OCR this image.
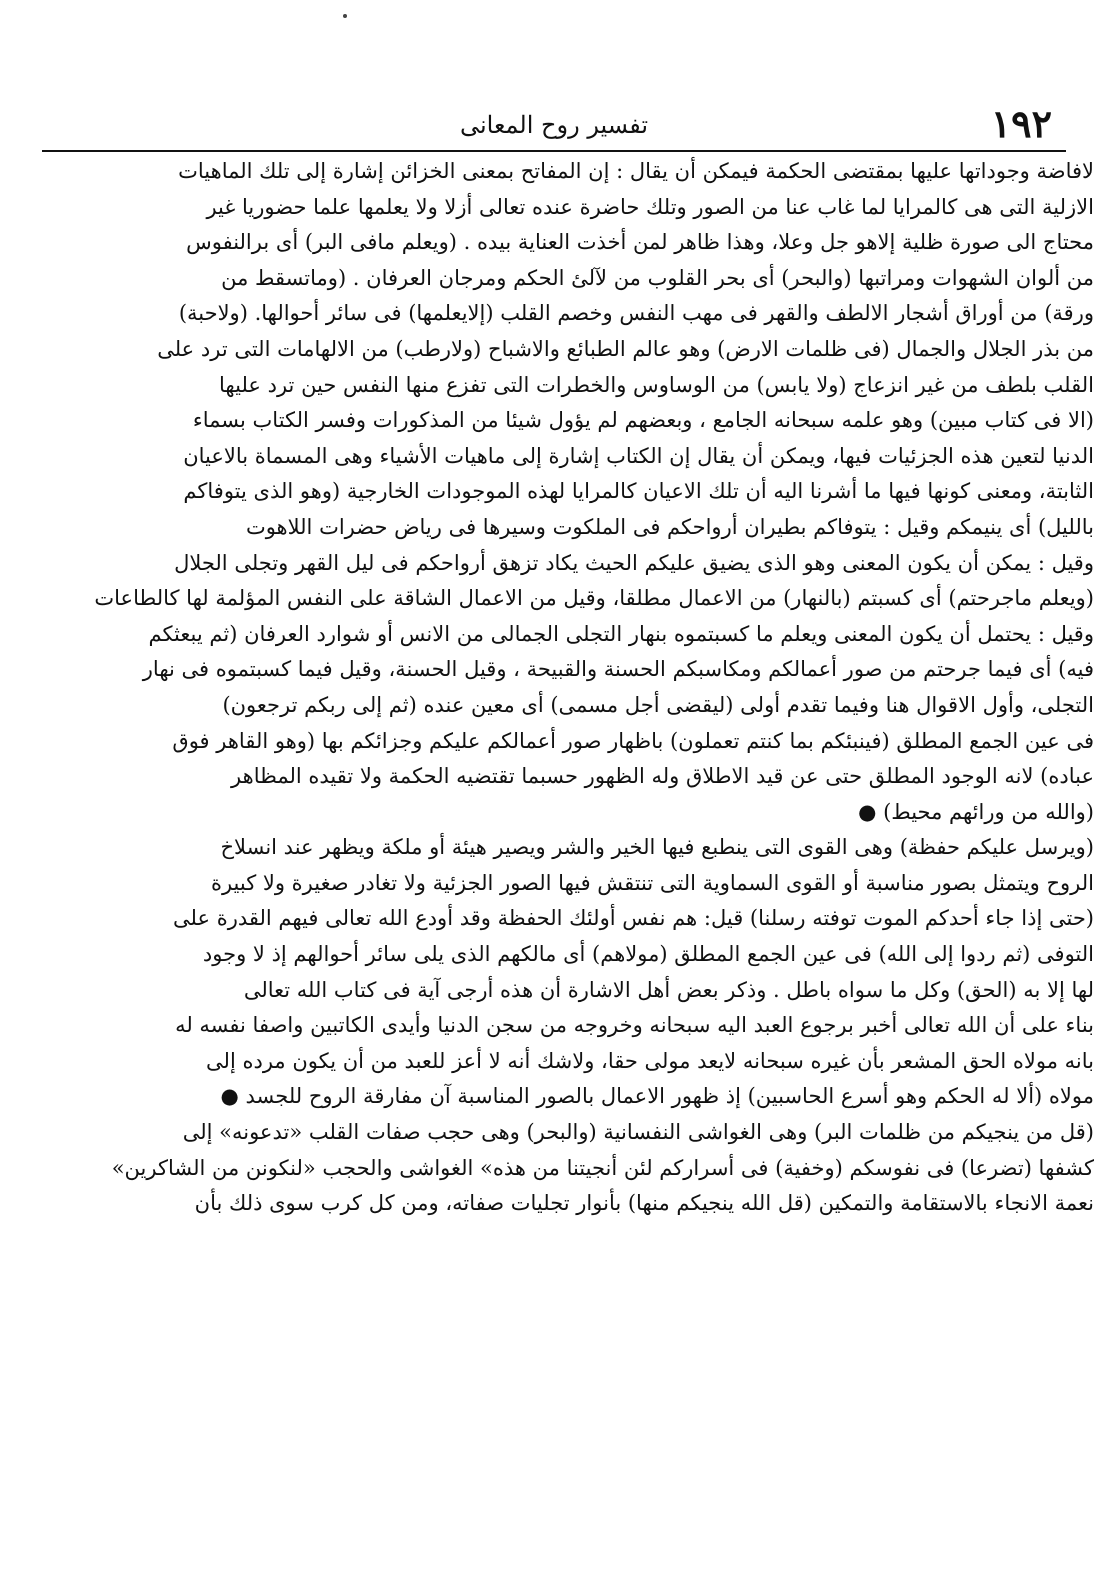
١٩٢
تفسير روح المعانى
لافاضة وجوداتها عليها بمقتضى الحكمة فيمكن أن يقال : إن المفاتح بمعنى الخزائن إشارة إلى تلك الماهيات
الازلية التى هى كالمرايا لما غاب عنا من الصور وتلك حاضرة عنده تعالى أزلا ولا يعلمها علما حضوريا غير
محتاج الى صورة ظلية إلاهو جل وعلا، وهذا ظاهر لمن أخذت العناية بيده . (ويعلم مافى البر) أى برالنفوس
من ألوان الشهوات ومراتبها (والبحر) أى بحر القلوب من لآلئ الحكم ومرجان العرفان . (وماتسقط من
ورقة) من أوراق أشجار الالطف والقهر فى مهب النفس وخصم القلب (إلايعلمها) فى سائر أحوالها. (ولاحبة)
من بذر الجلال والجمال (فى ظلمات الارض) وهو عالم الطبائع والاشباح (ولارطب) من الالهامات التى ترد على
القلب بلطف من غير انزعاج (ولا يابس) من الوساوس والخطرات التى تفزع منها النفس حين ترد عليها
(الا فى كتاب مبين) وهو علمه سبحانه الجامع ، وبعضهم لم يؤول شيئا من المذكورات وفسر الكتاب بسماء
الدنيا لتعين هذه الجزئيات فيها، ويمكن أن يقال إن الكتاب إشارة إلى ماهيات الأشياء وهى المسماة بالاعيان
الثابتة، ومعنى كونها فيها ما أشرنا اليه أن تلك الاعيان كالمرايا لهذه الموجودات الخارجية (وهو الذى يتوفاكم
بالليل) أى ينيمكم وقيل : يتوفاكم بطيران أرواحكم فى الملكوت وسيرها فى رياض حضرات اللاهوت
وقيل : يمكن أن يكون المعنى وهو الذى يضيق عليكم الحيث يكاد تزهق أرواحكم فى ليل القهر وتجلى الجلال
(ويعلم ماجرحتم) أى كسبتم (بالنهار) من الاعمال مطلقا، وقيل من الاعمال الشاقة على النفس المؤلمة لها كالطاعات
وقيل : يحتمل أن يكون المعنى ويعلم ما كسبتموه بنهار التجلى الجمالى من الانس أو شوارد العرفان (ثم يبعثكم
فيه) أى فيما جرحتم من صور أعمالكم ومكاسبكم الحسنة والقبيحة ، وقيل الحسنة، وقيل فيما كسبتموه فى نهار
التجلى، وأول الاقوال هنا وفيما تقدم أولى (ليقضى أجل مسمى) أى معين عنده (ثم إلى ربكم ترجعون)
فى عين الجمع المطلق (فينبئكم بما كنتم تعملون) باظهار صور أعمالكم عليكم وجزائكم بها (وهو القاهر فوق
عباده) لانه الوجود المطلق حتى عن قيد الاطلاق وله الظهور حسبما تقتضيه الحكمة ولا تقيده المظاهر
(والله من ورائهم محيط) ●
(ويرسل عليكم حفظة) وهى القوى التى ينطبع فيها الخير والشر ويصير هيئة أو ملكة ويظهر عند انسلاخ
الروح ويتمثل بصور مناسبة أو القوى السماوية التى تنتقش فيها الصور الجزئية ولا تغادر صغيرة ولا كبيرة
(حتى إذا جاء أحدكم الموت توفته رسلنا) قيل: هم نفس أولئك الحفظة وقد أودع الله تعالى فيهم القدرة على
التوفى (ثم ردوا إلى الله) فى عين الجمع المطلق (مولاهم) أى مالكهم الذى يلى سائر أحوالهم إذ لا وجود
لها إلا به (الحق) وكل ما سواه باطل . وذكر بعض أهل الاشارة أن هذه أرجى آية فى كتاب الله تعالى
بناء على أن الله تعالى أخبر برجوع العبد اليه سبحانه وخروجه من سجن الدنيا وأيدى الكاتبين واصفا نفسه له
بانه مولاه الحق المشعر بأن غيره سبحانه لايعد مولى حقا، ولاشك أنه لا أعز للعبد من أن يكون مرده إلى
مولاه (ألا له الحكم وهو أسرع الحاسبين) إذ ظهور الاعمال بالصور المناسبة آن مفارقة الروح للجسد ●
(قل من ينجيكم من ظلمات البر) وهى الغواشى النفسانية (والبحر) وهى حجب صفات القلب «تدعونه» إلى
كشفها (تضرعا) فى نفوسكم (وخفية) فى أسراركم لئن أنجيتنا من هذه» الغواشى والحجب «لنكونن من الشاكرين»
نعمة الانجاء بالاستقامة والتمكين (قل الله ينجيكم منها) بأنوار تجليات صفاته، ومن كل كرب سوى ذلك بأن
